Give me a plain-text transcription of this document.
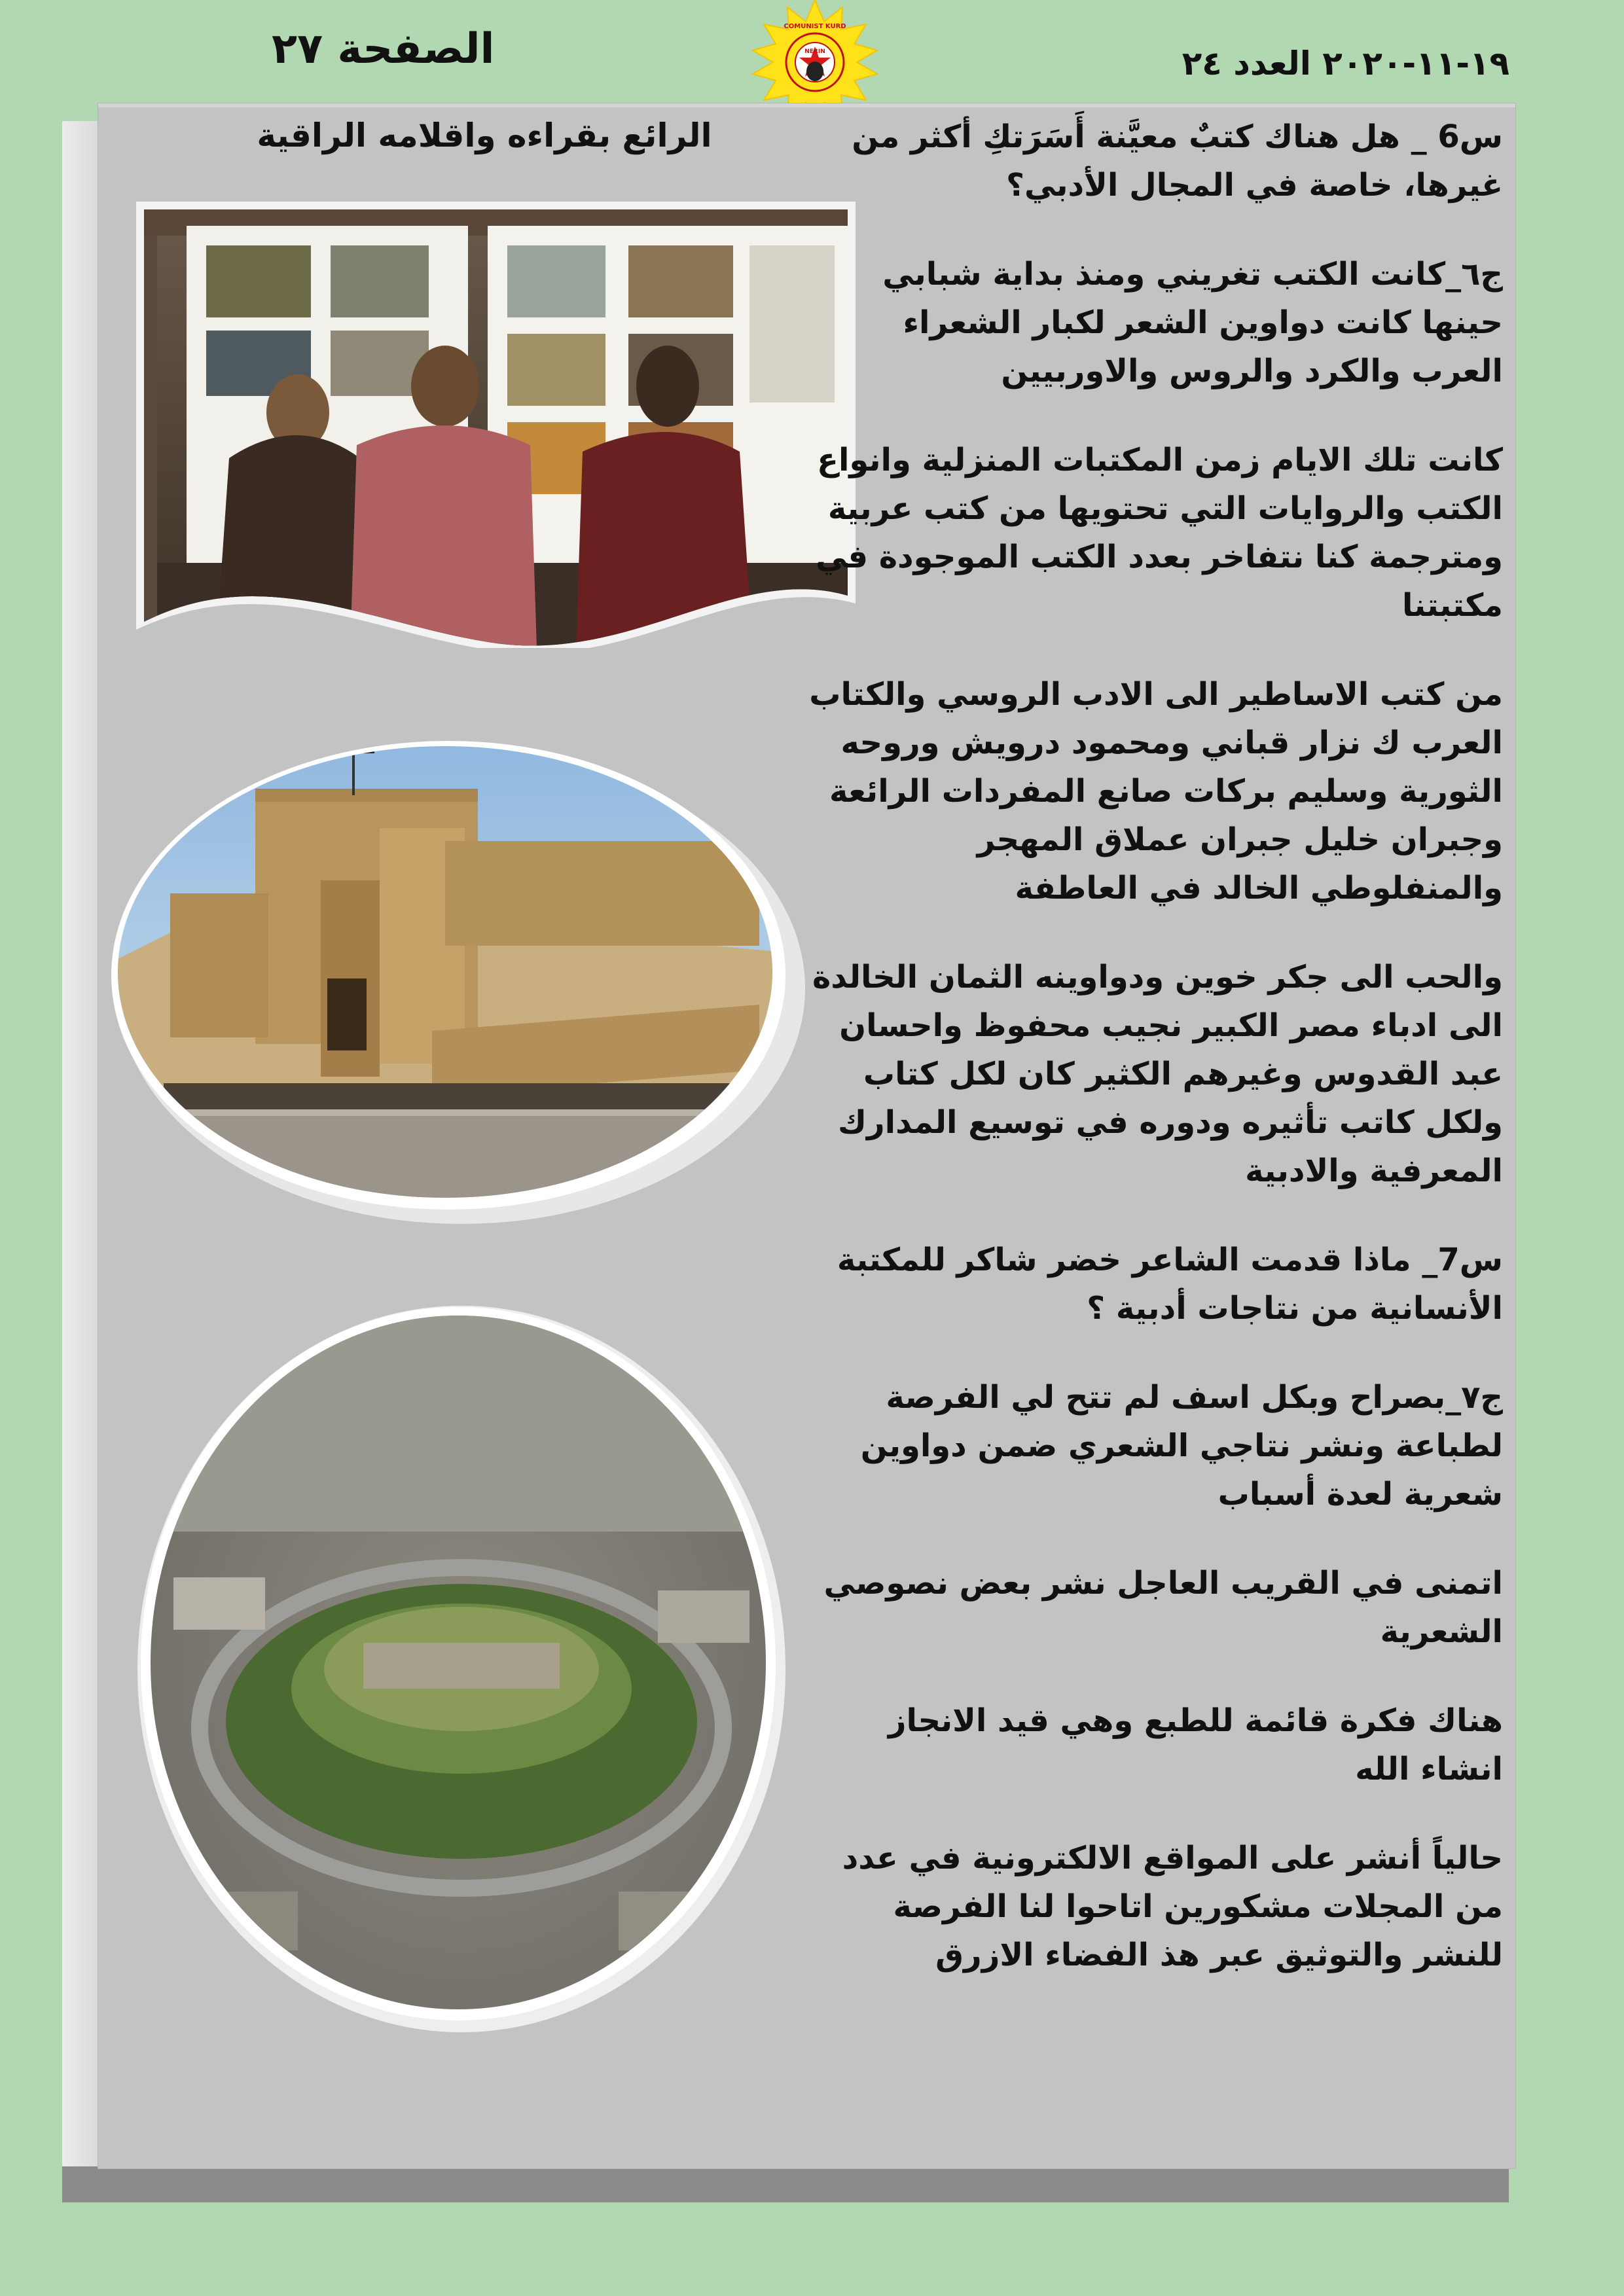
الصفحة ٢٧	COMUNIST KURD
NERIN	١٩-١١-٢٠٢٠ العدد ٢٤
الرائع بقراءه واقلامه الراقية	س6 _ هل هناك كتبٌ معيَّنة أَسَرَتكِ أكثر من غيرها، خاصة في المجال الأدبي؟

ج٦_كانت الكتب تغريني ومنذ بداية شبابي حينها كانت دواوين الشعر لكبار الشعراء العرب والكرد والروس والاوربيين

كانت تلك الايام زمن المكتبات المنزلية وانواع الكتب والروايات التي تحتويها من كتب عربية ومترجمة كنا نتفاخر بعدد الكتب الموجودة في مكتبتنا

من كتب الاساطير الى الادب الروسي والكتاب العرب ك نزار قباني ومحمود درويش وروحه الثورية وسليم بركات صانع المفردات الرائعة وجبران خليل جبران عملاق المهجر والمنفلوطي الخالد في العاطفة

والحب الى جكر خوين ودواوينه الثمان الخالدة الى ادباء مصر الكبير نجيب محفوظ واحسان عبد القدوس وغيرهم الكثير كان لكل كتاب ولكل كاتب تأثيره ودوره في توسيع المدارك المعرفية والادبية

س7_ ماذا قدمت الشاعر خضر شاكر للمكتبة الأنسانية من نتاجات أدبية ؟

ج٧_بصراح وبكل اسف لم تتح لي الفرصة لطباعة ونشر نتاجي الشعري ضمن دواوين شعرية لعدة أسباب

اتمنى في القريب العاجل نشر بعض نصوصي الشعرية

هناك فكرة قائمة للطبع وهي قيد الانجاز انشاء الله

حالياً أنشر على المواقع الالكترونية في عدد من المجلات مشكورين اتاحوا لنا الفرصة للنشر والتوثيق عبر هذ الفضاء الازرق
